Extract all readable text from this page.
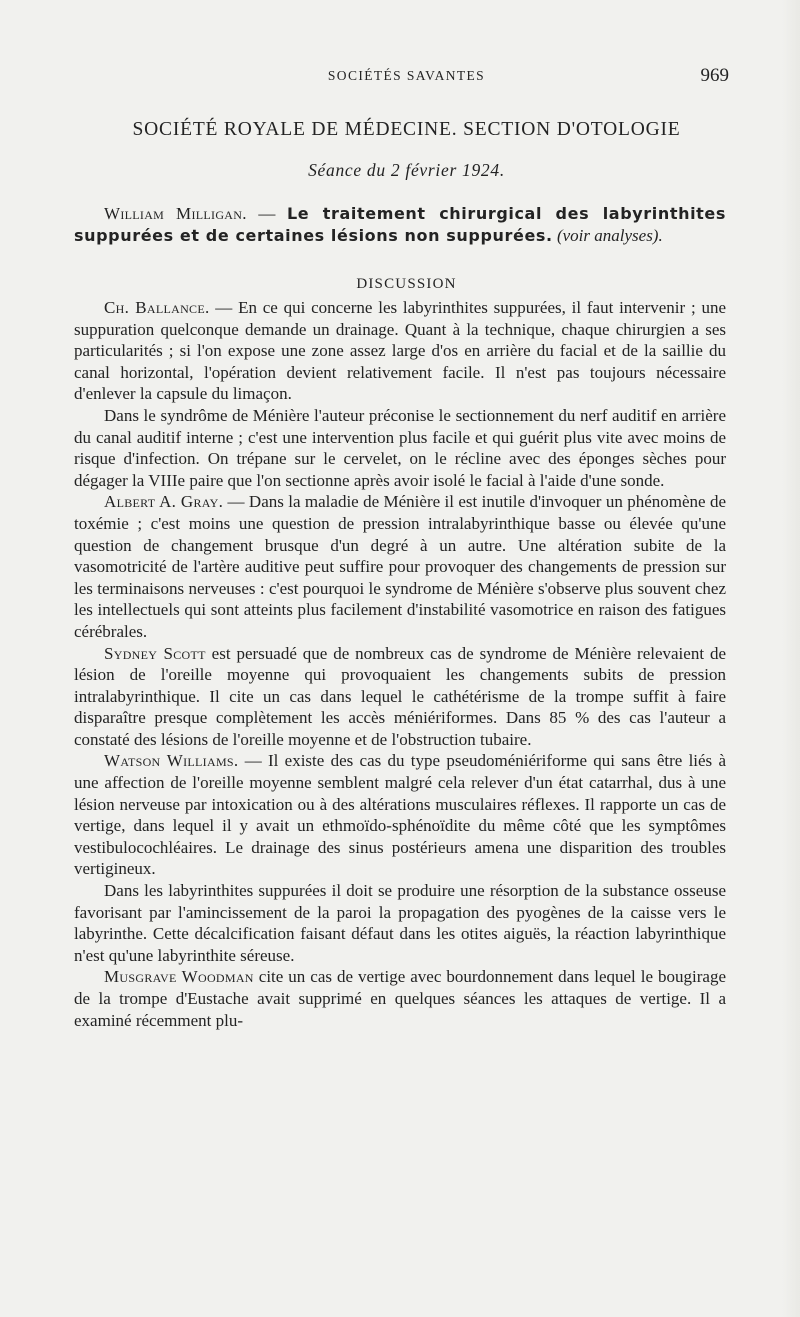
SOCIÉTÉS SAVANTES	969
SOCIÉTÉ ROYALE DE MÉDECINE. SECTION D'OTOLOGIE
Séance du 2 février 1924.

William Milligan. — Le traitement chirurgical des labyrinthites suppurées et de certaines lésions non suppurées. (voir analyses).

DISCUSSION

Ch. Ballance. — En ce qui concerne les labyrinthites suppurées, il faut intervenir ; une suppuration quelconque demande un drainage. Quant à la technique, chaque chirurgien a ses particularités ; si l'on expose une zone assez large d'os en arrière du facial et de la saillie du canal horizontal, l'opération devient relativement facile. Il n'est pas toujours nécessaire d'enlever la capsule du limaçon.

Dans le syndrôme de Ménière l'auteur préconise le sectionnement du nerf auditif en arrière du canal auditif interne ; c'est une intervention plus facile et qui guérit plus vite avec moins de risque d'infection. On trépane sur le cervelet, on le récline avec des éponges sèches pour dégager la VIIIe paire que l'on sectionne après avoir isolé le facial à l'aide d'une sonde.

Albert A. Gray. — Dans la maladie de Ménière il est inutile d'invoquer un phénomène de toxémie ; c'est moins une question de pression intralabyrinthique basse ou élevée qu'une question de changement brusque d'un degré à un autre. Une altération subite de la vasomotricité de l'artère auditive peut suffire pour provoquer des changements de pression sur les terminaisons nerveuses : c'est pourquoi le syndrome de Ménière s'observe plus souvent chez les intellectuels qui sont atteints plus facilement d'instabilité vasomotrice en raison des fatigues cérébrales.

Sydney Scott est persuadé que de nombreux cas de syndrome de Ménière relevaient de lésion de l'oreille moyenne qui provoquaient les changements subits de pression intralabyrinthique. Il cite un cas dans lequel le cathétérisme de la trompe suffit à faire disparaître presque complètement les accès méniériformes. Dans 85 % des cas l'auteur a constaté des lésions de l'oreille moyenne et de l'obstruction tubaire.

Watson Williams. — Il existe des cas du type pseudoméniériforme qui sans être liés à une affection de l'oreille moyenne semblent malgré cela relever d'un état catarrhal, dus à une lésion nerveuse par intoxication ou à des altérations musculaires réflexes. Il rapporte un cas de vertige, dans lequel il y avait un ethmoïdo-sphénoïdite du même côté que les symptômes vestibulocochléaires. Le drainage des sinus postérieurs amena une disparition des troubles vertigineux.

Dans les labyrinthites suppurées il doit se produire une résorption de la substance osseuse favorisant par l'amincissement de la paroi la propagation des pyogènes de la caisse vers le labyrinthe. Cette décalcification faisant défaut dans les otites aiguës, la réaction labyrinthique n'est qu'une labyrinthite séreuse.

Musgrave Woodman cite un cas de vertige avec bourdonnement dans lequel le bougirage de la trompe d'Eustache avait supprimé en quelques séances les attaques de vertige. Il a examiné récemment plu-
